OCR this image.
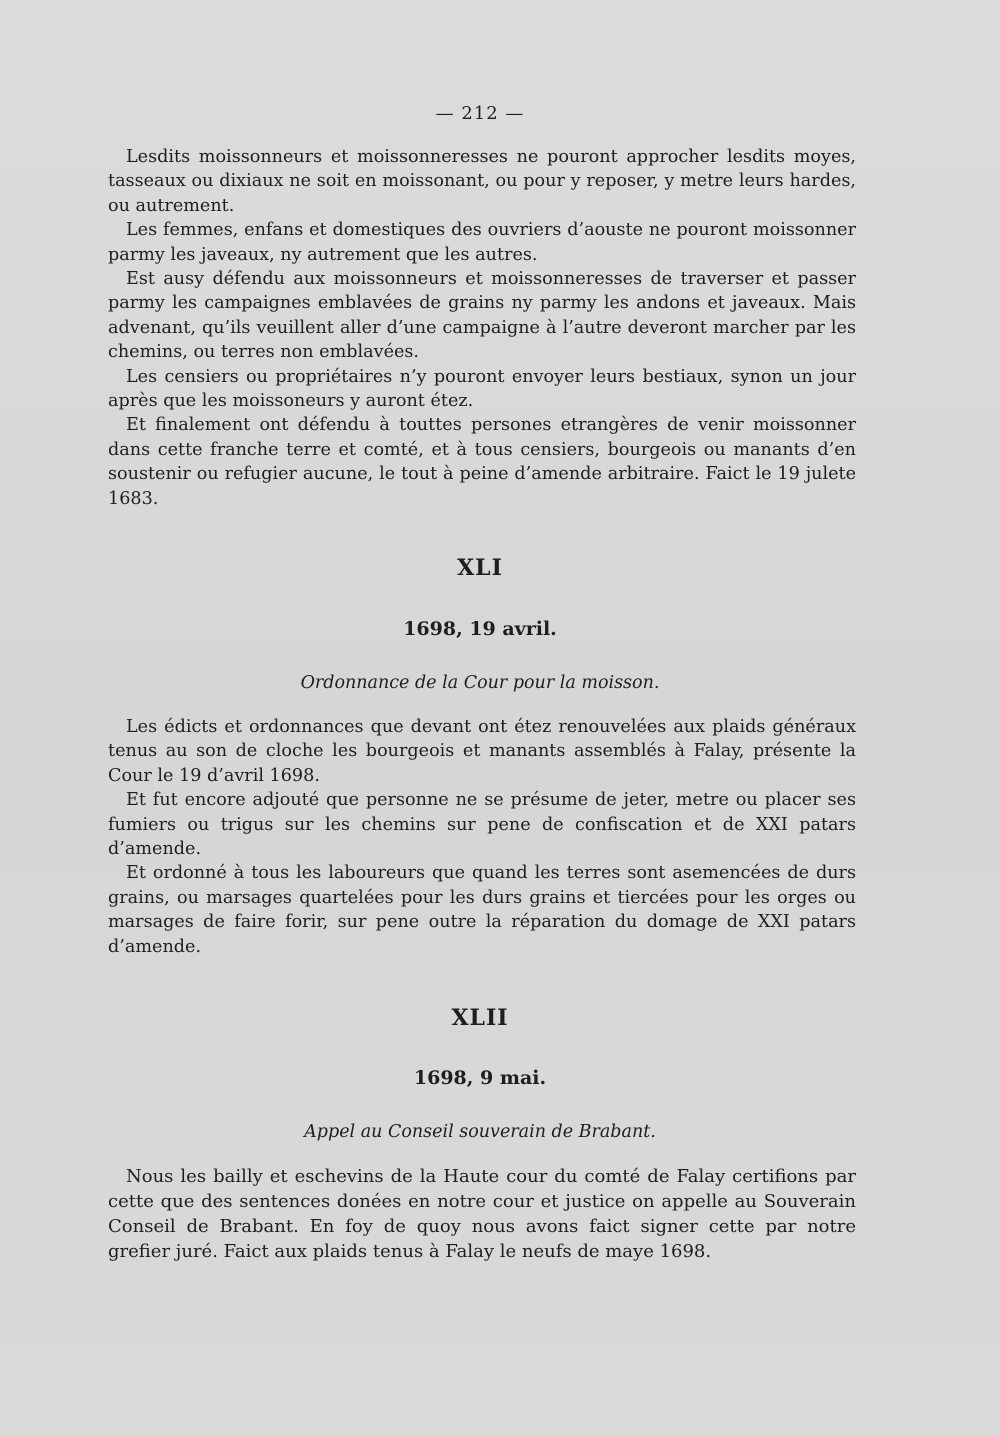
— 212 —

Lesdits moissonneurs et moissonneresses ne pouront approcher lesdits moyes, tasseaux ou dixiaux ne soit en moissonant, ou pour y reposer, y metre leurs hardes, ou autrement.

Les femmes, enfans et domestiques des ouvriers d’aouste ne pouront moissonner parmy les javeaux, ny autrement que les autres.

Est ausy défendu aux moissonneurs et moissonneresses de traverser et passer parmy les campaignes emblavées de grains ny parmy les andons et javeaux. Mais advenant, qu’ils veuillent aller d’une campaigne à l’autre deveront marcher par les chemins, ou terres non emblavées.

Les censiers ou propriétaires n’y pouront envoyer leurs bestiaux, synon un jour après que les moissoneurs y auront étez.

Et finalement ont défendu à touttes persones etrangères de venir moissonner dans cette franche terre et comté, et à tous censiers, bourgeois ou manants d’en soustenir ou refugier aucune, le tout à peine d’amende arbitraire. Faict le 19 julete 1683.

XLI
1698, 19 avril.
Ordonnance de la Cour pour la moisson.

Les édicts et ordonnances que devant ont étez renouvelées aux plaids généraux tenus au son de cloche les bourgeois et manants assemblés à Falay, présente la Cour le 19 d’avril 1698.

Et fut encore adjouté que personne ne se présume de jeter, metre ou placer ses fumiers ou trigus sur les chemins sur pene de confiscation et de XXI patars d’amende.

Et ordonné à tous les laboureurs que quand les terres sont asemencées de durs grains, ou marsages quartelées pour les durs grains et tiercées pour les orges ou marsages de faire forir, sur pene outre la réparation du domage de XXI patars d’amende.

XLII
1698, 9 mai.
Appel au Conseil souverain de Brabant.

Nous les bailly et eschevins de la Haute cour du comté de Falay certifions par cette que des sentences donées en notre cour et justice on appelle au Souverain Conseil de Brabant. En foy de quoy nous avons faict signer cette par notre grefier juré. Faict aux plaids tenus à Falay le neufs de maye 1698.
